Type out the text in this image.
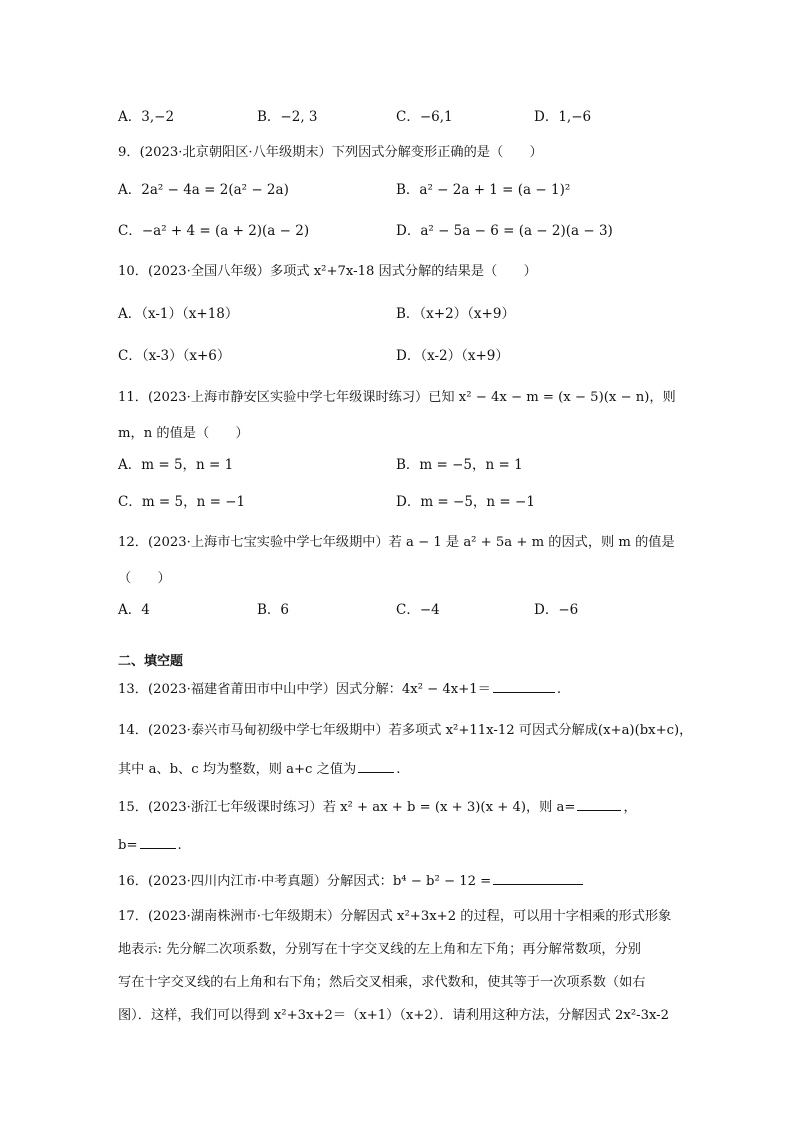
A．3,−2	B．−2, 3	C．−6,1	D．1,−6
9．(2023·北京朝阳区·八年级期末）下列因式分解变形正确的是（　　）
A．2a² − 4a = 2(a² − 2a)	B．a² − 2a + 1 = (a − 1)²
C．−a² + 4 = (a + 2)(a − 2)	D．a² − 5a − 6 = (a − 2)(a − 3)
10．(2023·全国八年级）多项式 x²+7x-18 因式分解的结果是（　　）
A．（x-1）（x+18）	B．（x+2）（x+9）
C．（x-3）（x+6）	D．（x-2）（x+9）
11．(2023·上海市静安区实验中学七年级课时练习）已知 x² − 4x − m = (x − 5)(x − n)，则
m，n 的值是（　　）
A．m = 5，n = 1	B．m = −5，n = 1
C．m = 5，n = −1	D．m = −5，n = −1
12．(2023·上海市七宝实验中学七年级期中）若 a − 1 是 a² + 5a + m 的因式，则 m 的值是
（　　）
A．4	B．6	C．−4	D．−6
二、填空题
13．(2023·福建省莆田市中山中学）因式分解：4x² − 4x+1＝	.
14．(2023·泰兴市马甸初级中学七年级期中）若多项式 x²+11x-12 可因式分解成(x+a)(bx+c)，
其中 a、b、c 均为整数，则 a+c 之值为	.
15．(2023·浙江七年级课时练习）若 x² + ax + b = (x + 3)(x + 4)，则 a=	，
b=	.
16．(2023·四川内江市·中考真题）分解因式：b⁴ − b² − 12 =
17．(2023·湖南株洲市·七年级期末）分解因式 x²+3x+2 的过程，可以用十字相乘的形式形象
地表示: 先分解二次项系数，分别写在十字交叉线的左上角和左下角；再分解常数项，分别
写在十字交叉线的右上角和右下角；然后交叉相乘，求代数和，使其等于一次项系数（如右
图）．这样，我们可以得到 x²+3x+2＝（x+1）（x+2）．请利用这种方法，分解因式 2x²-3x-2
